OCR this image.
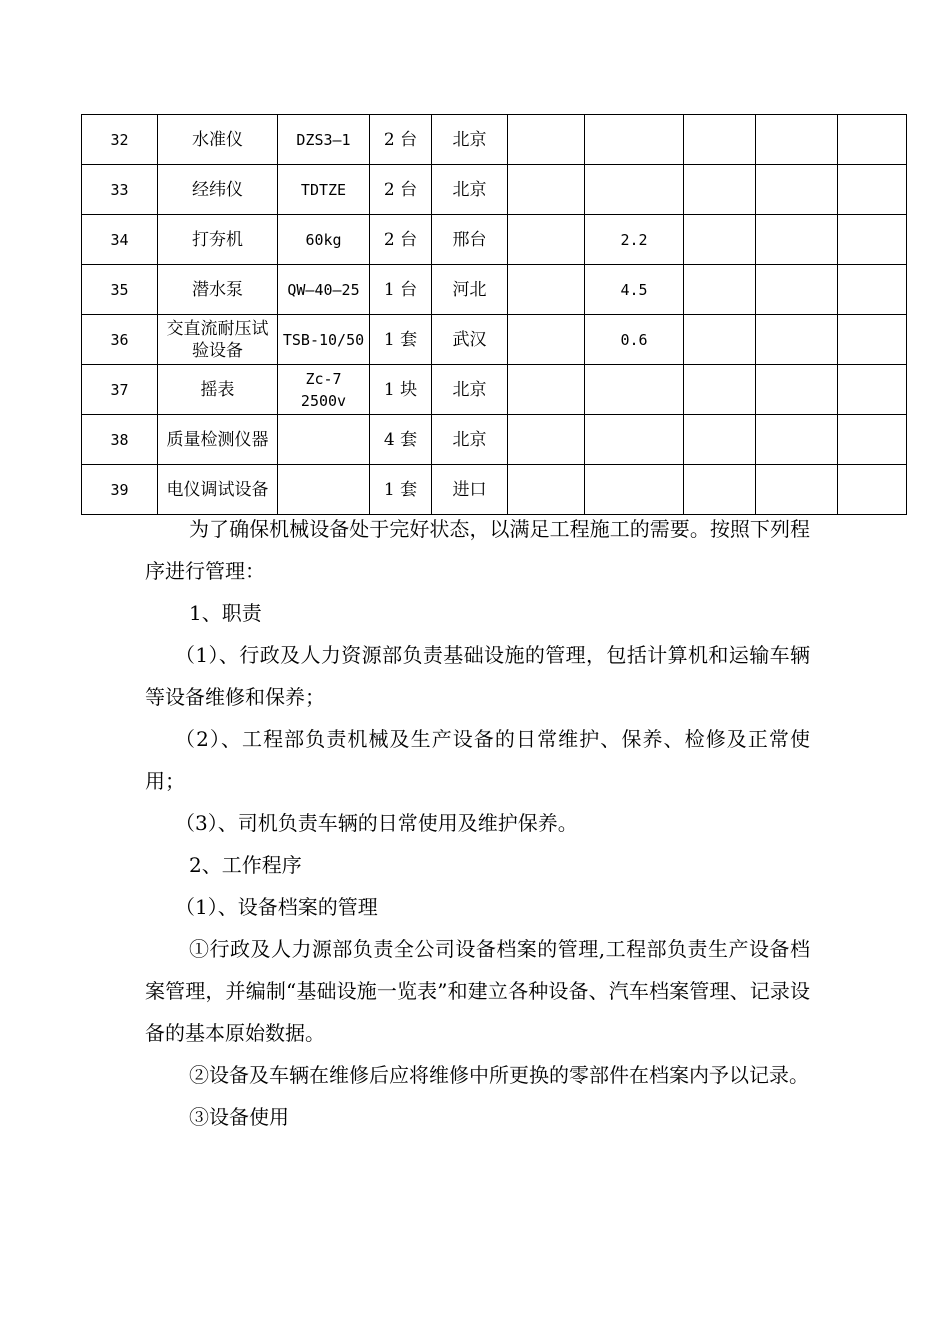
32	水准仪	DZS3—1	2 台	北京					
33	经纬仪	TDTZE	2 台	北京					
34	打夯机	60kg	2 台	邢台		2.2			
35	潜水泵	QW—40—25	1 台	河北		4.5			
36	交直流耐压试验设备	TSB-10/50	1 套	武汉		0.6			
37	摇表	Zc-7 2500v	1 块	北京					
38	质量检测仪器		4 套	北京					
39	电仪调试设备		1 套	进口					

为了确保机械设备处于完好状态，以满足工程施工的需要。按照下列程序进行管理：

1、职责

（1）、行政及人力资源部负责基础设施的管理，包括计算机和运输车辆等设备维修和保养；

（2）、工程部负责机械及生产设备的日常维护、保养、检修及正常使用；

（3）、司机负责车辆的日常使用及维护保养。

2、工作程序

（1）、设备档案的管理

①行政及人力源部负责全公司设备档案的管理,工程部负责生产设备档案管理，并编制“基础设施一览表”和建立各种设备、汽车档案管理、记录设备的基本原始数据。

②设备及车辆在维修后应将维修中所更换的零部件在档案内予以记录。

③设备使用
